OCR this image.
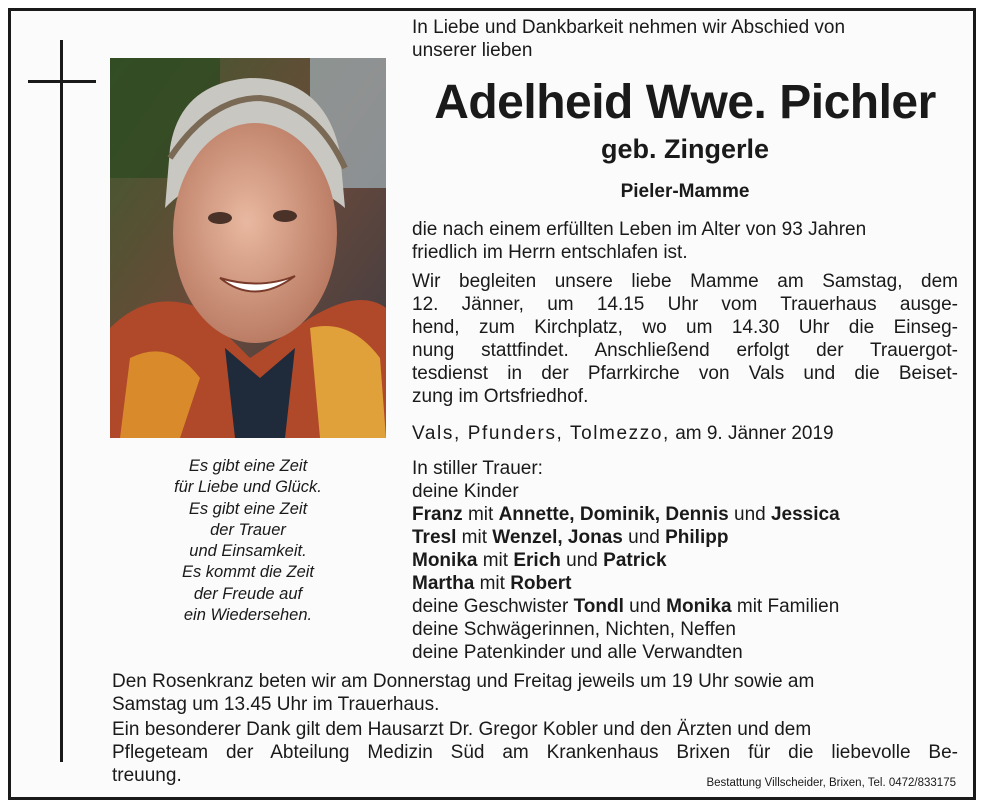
Es gibt eine Zeit
für Liebe und Glück.
Es gibt eine Zeit
der Trauer
und Einsamkeit.
Es kommt die Zeit
der Freude auf
ein Wiedersehen.
In Liebe und Dankbarkeit nehmen wir Abschied von
unserer lieben
Adelheid Wwe. Pichler
geb. Zingerle
Pieler-Mamme
die nach einem erfüllten Leben im Alter von 93 Jahren
friedlich im Herrn entschlafen ist.
Wir begleiten unsere liebe Mamme am Samstag, dem
12. Jänner, um 14.15 Uhr vom Trauerhaus ausge-
hend, zum Kirchplatz, wo um 14.30 Uhr die Einseg-
nung stattfindet. Anschließend erfolgt der Trauergot-
tesdienst in der Pfarrkirche von Vals und die Beiset-
zung im Ortsfriedhof.
Vals, Pfunders, Tolmezzo, am 9. Jänner 2019
In stiller Trauer:
deine Kinder
Franz mit Annette, Dominik, Dennis und Jessica
Tresl mit Wenzel, Jonas und Philipp
Monika mit Erich und Patrick
Martha mit Robert
deine Geschwister Tondl und Monika mit Familien
deine Schwägerinnen, Nichten, Neffen
deine Patenkinder und alle Verwandten
Den Rosenkranz beten wir am Donnerstag und Freitag jeweils um 19 Uhr sowie am
Samstag um 13.45 Uhr im Trauerhaus.
Ein besonderer Dank gilt dem Hausarzt Dr. Gregor Kobler und den Ärzten und dem
Pflegeteam der Abteilung Medizin Süd am Krankenhaus Brixen für die liebevolle Be-
treuung.	Bestattung Villscheider, Brixen, Tel. 0472/833175
